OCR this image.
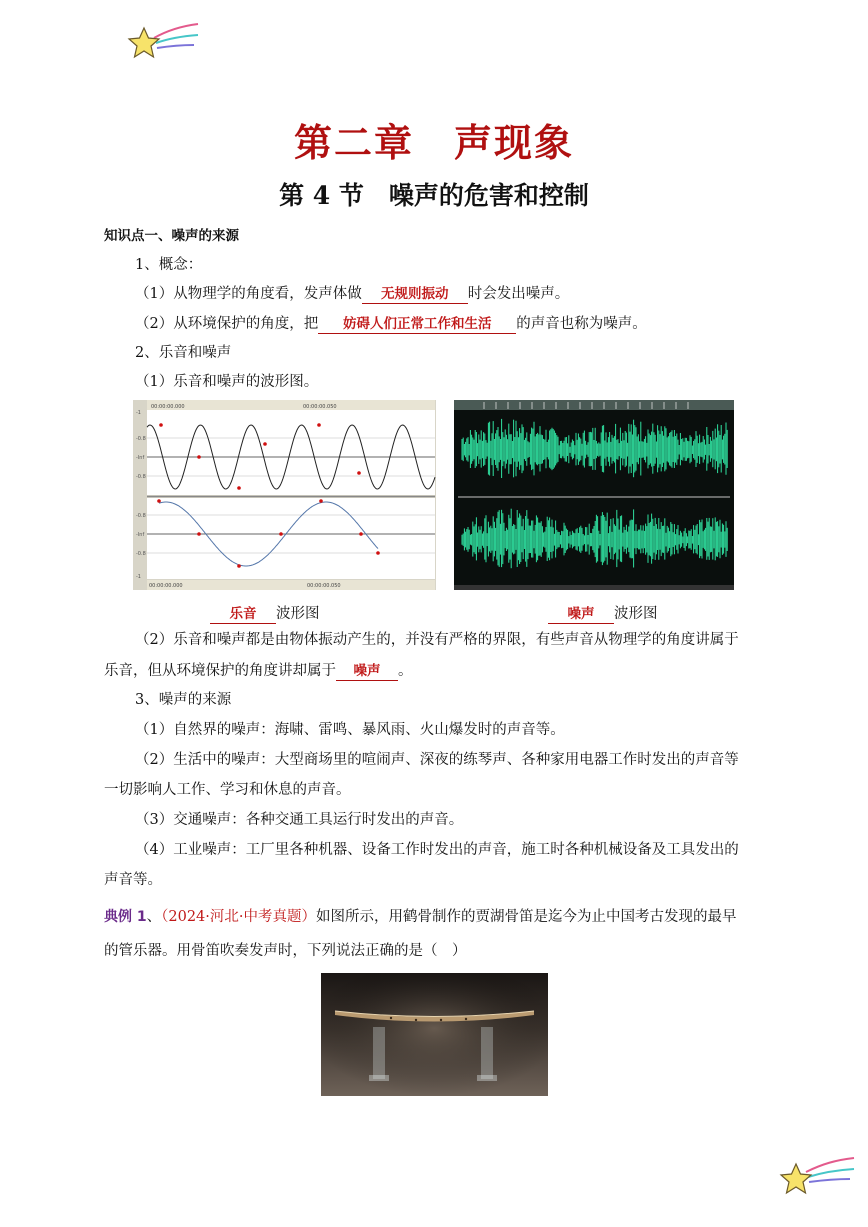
第二章　声现象
第 4 节　噪声的危害和控制
知识点一、噪声的来源
1、概念：
（1）从物理学的角度看，发声体做 无规则振动 时会发出噪声。
（2）从环境保护的角度，把 妨碍人们正常工作和生活 的声音也称为噪声。
2、乐音和噪声
（1）乐音和噪声的波形图。
00:00:00.000	00:00:00.050
00:00:00.000	00:00:00.050
-1
-0.8
-Inf
-0.8
-0.8
-Inf
-0.8
-1
乐音 波形图	噪声 波形图
（2）乐音和噪声都是由物体振动产生的，并没有严格的界限，有些声音从物理学的角度讲属于
乐音，但从环境保护的角度讲却属于 噪声 。
3、噪声的来源
（1）自然界的噪声：海啸、雷鸣、暴风雨、火山爆发时的声音等。
（2）生活中的噪声：大型商场里的喧闹声、深夜的练琴声、各种家用电器工作时发出的声音等
一切影响人工作、学习和休息的声音。
（3）交通噪声：各种交通工具运行时发出的声音。
（4）工业噪声：工厂里各种机器、设备工作时发出的声音，施工时各种机械设备及工具发出的
声音等。
典例 1、（2024·河北·中考真题）如图所示，用鹤骨制作的贾湖骨笛是迄今为止中国考古发现的最早
的管乐器。用骨笛吹奏发声时，下列说法正确的是（　）
